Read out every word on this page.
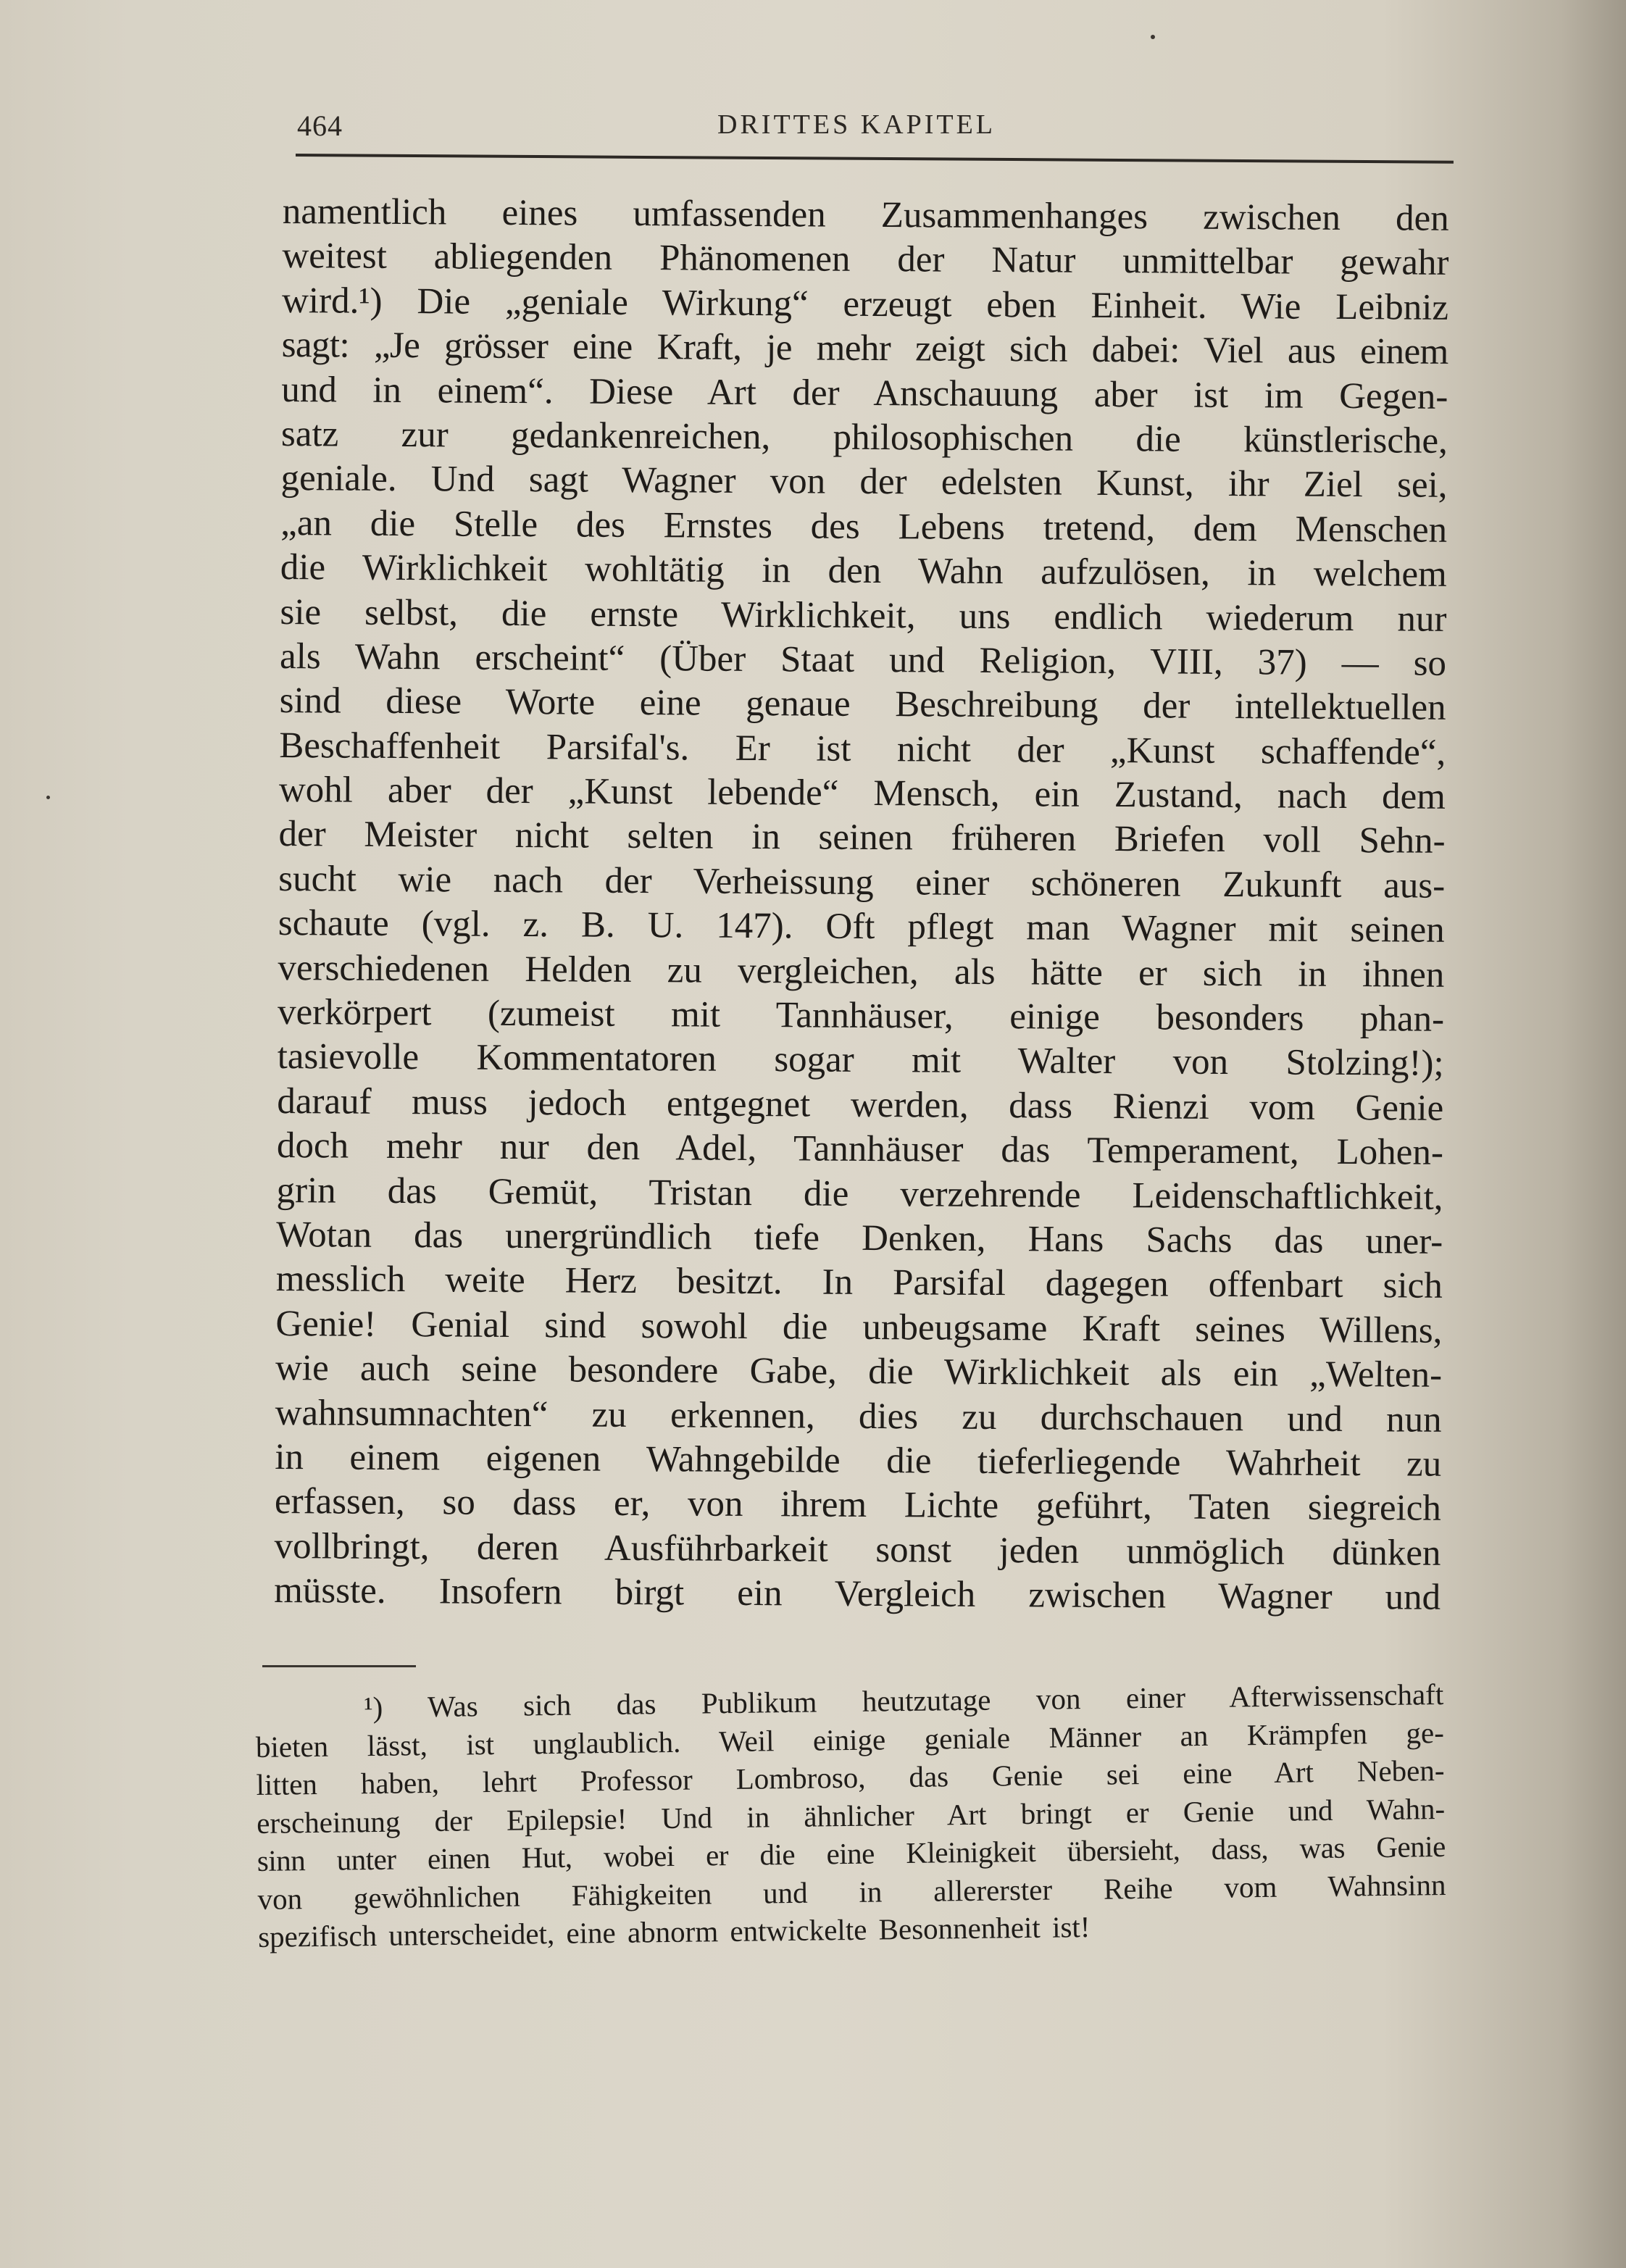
464	DRITTES KAPITEL
namentlich eines umfassenden Zusammenhanges zwischen den
weitest abliegenden Phänomenen der Natur unmittelbar gewahr
wird.¹) Die „geniale Wirkung“ erzeugt eben Einheit. Wie Leibniz
sagt: „Je grösser eine Kraft, je mehr zeigt sich dabei: Viel aus einem
und in einem“. Diese Art der Anschauung aber ist im Gegen-
satz zur gedankenreichen, philosophischen die künstlerische,
geniale. Und sagt Wagner von der edelsten Kunst, ihr Ziel sei,
„an die Stelle des Ernstes des Lebens tretend, dem Menschen
die Wirklichkeit wohltätig in den Wahn aufzulösen, in welchem
sie selbst, die ernste Wirklichkeit, uns endlich wiederum nur
als Wahn erscheint“ (Über Staat und Religion, VIII, 37) — so
sind diese Worte eine genaue Beschreibung der intellektuellen
Beschaffenheit Parsifal's. Er ist nicht der „Kunst schaffende“,
wohl aber der „Kunst lebende“ Mensch, ein Zustand, nach dem
der Meister nicht selten in seinen früheren Briefen voll Sehn-
sucht wie nach der Verheissung einer schöneren Zukunft aus-
schaute (vgl. z. B. U. 147). Oft pflegt man Wagner mit seinen
verschiedenen Helden zu vergleichen, als hätte er sich in ihnen
verkörpert (zumeist mit Tannhäuser, einige besonders phan-
tasievolle Kommentatoren sogar mit Walter von Stolzing!);
darauf muss jedoch entgegnet werden, dass Rienzi vom Genie
doch mehr nur den Adel, Tannhäuser das Temperament, Lohen-
grin das Gemüt, Tristan die verzehrende Leidenschaftlichkeit,
Wotan das unergründlich tiefe Denken, Hans Sachs das uner-
messlich weite Herz besitzt. In Parsifal dagegen offenbart sich
Genie! Genial sind sowohl die unbeugsame Kraft seines Willens,
wie auch seine besondere Gabe, die Wirklichkeit als ein „Welten-
wahnsumnachten“ zu erkennen, dies zu durchschauen und nun
in einem eigenen Wahngebilde die tieferliegende Wahrheit zu
erfassen, so dass er, von ihrem Lichte geführt, Taten siegreich
vollbringt, deren Ausführbarkeit sonst jeden unmöglich dünken
müsste. Insofern birgt ein Vergleich zwischen Wagner und
¹) Was sich das Publikum heutzutage von einer Afterwissenschaft
bieten lässt, ist unglaublich. Weil einige geniale Männer an Krämpfen ge-
litten haben, lehrt Professor Lombroso, das Genie sei eine Art Neben-
erscheinung der Epilepsie! Und in ähnlicher Art bringt er Genie und Wahn-
sinn unter einen Hut, wobei er die eine Kleinigkeit übersieht, dass, was Genie
von gewöhnlichen Fähigkeiten und in allererster Reihe vom Wahnsinn
spezifisch unterscheidet, eine abnorm entwickelte Besonnenheit ist!
